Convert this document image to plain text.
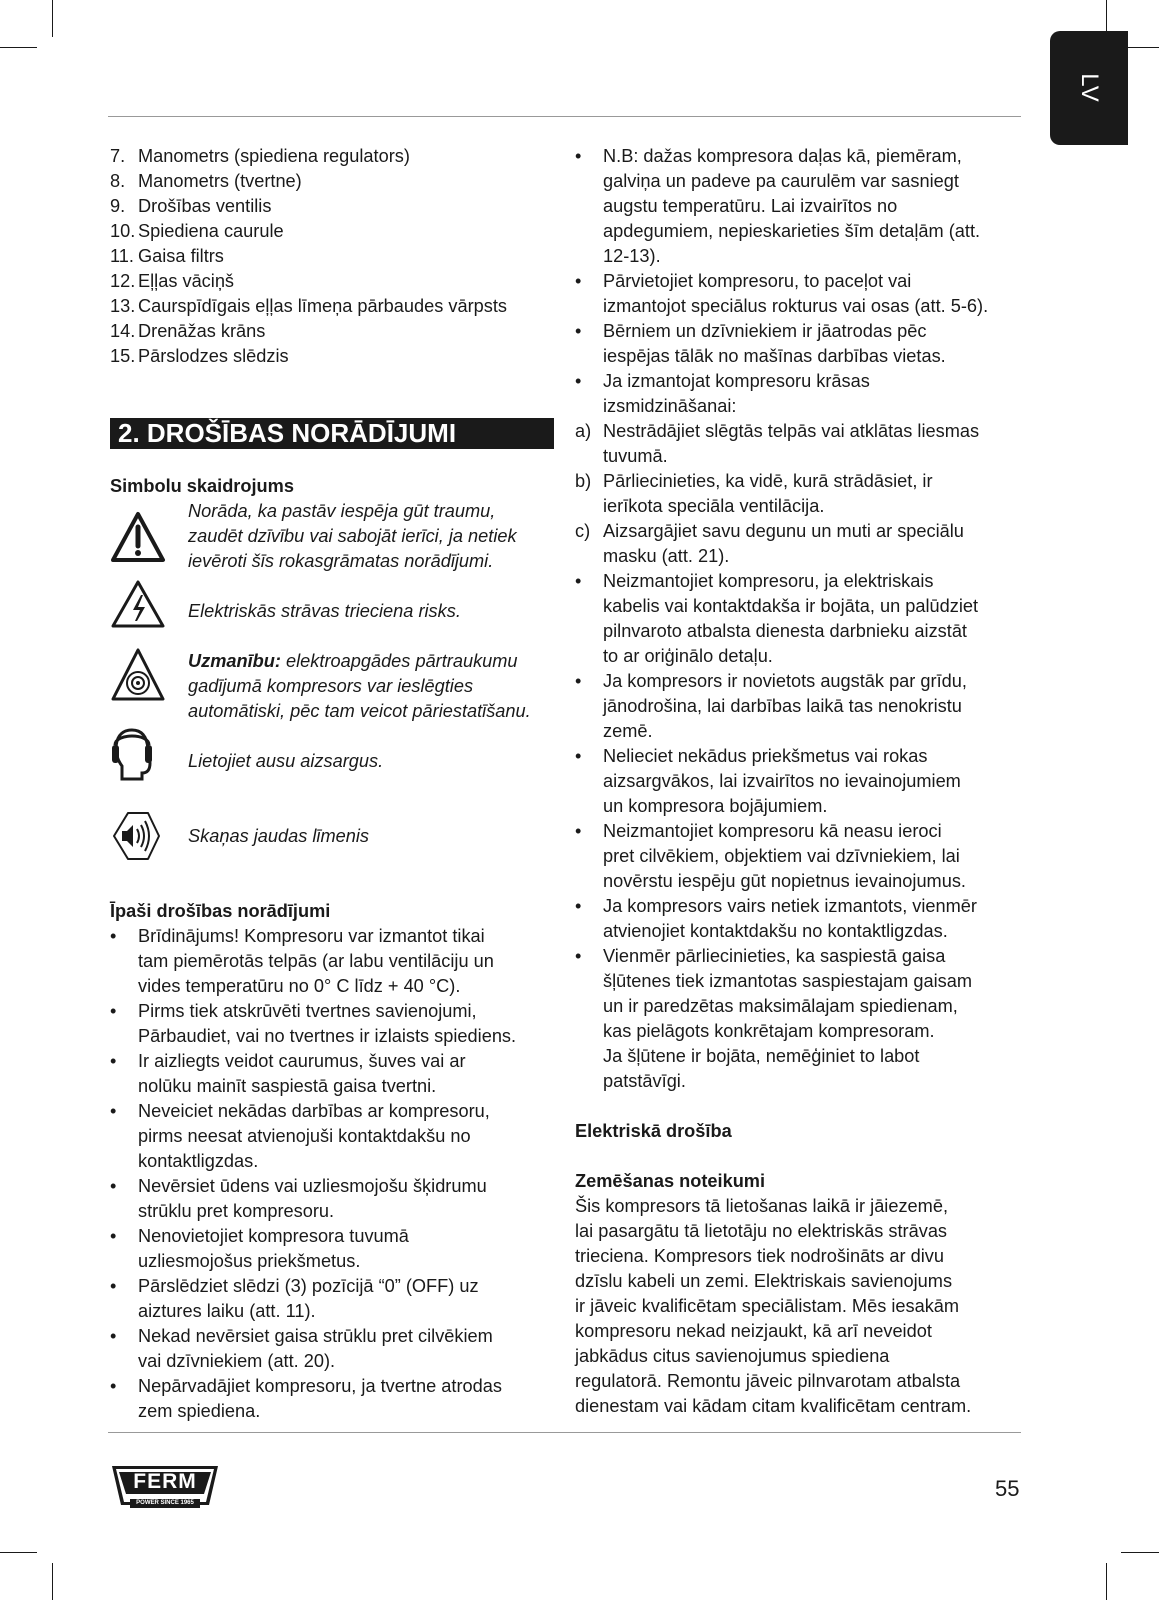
LV
7. Manometrs (spiediena regulators)
8. Manometrs (tvertne)
9. Drošības ventilis
10. Spiediena caurule
11. Gaisa filtrs
12. Eļļas vāciņš
13. Caurspīdīgais eļļas līmeņa pārbaudes vārpsts
14. Drenāžas krāns
15. Pārslodzes slēdzis
2. DROŠĪBAS NORĀDĪJUMI
Simbolu skaidrojums
Norāda, ka pastāv iespēja gūt traumu,
zaudēt dzīvību vai sabojāt ierīci, ja netiek
ievēroti šīs rokasgrāmatas norādījumi.
Elektriskās strāvas trieciena risks.
Uzmanību: elektroapgādes pārtraukumu
gadījumā kompresors var ieslēgties
automātiski, pēc tam veicot pāriestatīšanu.
Lietojiet ausu aizsargus.
Skaņas jaudas līmenis
Īpaši drošības norādījumi
• Brīdinājums! Kompresoru var izmantot tikai
tam piemērotās telpās (ar labu ventilāciju un
vides temperatūru no 0° C līdz + 40 °C).
• Pirms tiek atskrūvēti tvertnes savienojumi,
Pārbaudiet, vai no tvertnes ir izlaists spiediens.
• Ir aizliegts veidot caurumus, šuves vai ar
nolūku mainīt saspiestā gaisa tvertni.
• Neveiciet nekādas darbības ar kompresoru,
pirms neesat atvienojuši kontaktdakšu no
kontaktligzdas.
• Nevērsiet ūdens vai uzliesmojošu šķidrumu
strūklu pret kompresoru.
• Nenovietojiet kompresora tuvumā
uzliesmojošus priekšmetus.
• Pārslēdziet slēdzi (3) pozīcijā “0” (OFF) uz
aiztures laiku (att. 11).
• Nekad nevērsiet gaisa strūklu pret cilvēkiem
vai dzīvniekiem (att. 20).
• Nepārvadājiet kompresoru, ja tvertne atrodas
zem spiediena.
• N.B: dažas kompresora daļas kā, piemēram,
galviņa un padeve pa caurulēm var sasniegt
augstu temperatūru. Lai izvairītos no
apdegumiem, nepieskarieties šīm detaļām (att.
12-13).
• Pārvietojiet kompresoru, to paceļot vai
izmantojot speciālus rokturus vai osas (att. 5-6).
• Bērniem un dzīvniekiem ir jāatrodas pēc
iespējas tālāk no mašīnas darbības vietas.
• Ja izmantojat kompresoru krāsas
izsmidzināšanai:
a) Nestrādājiet slēgtās telpās vai atklātas liesmas
tuvumā.
b) Pārliecinieties, ka vidē, kurā strādāsiet, ir
ierīkota speciāla ventilācija.
c) Aizsargājiet savu degunu un muti ar speciālu
masku (att. 21).
• Neizmantojiet kompresoru, ja elektriskais
kabelis vai kontaktdakša ir bojāta, un palūdziet
pilnvaroto atbalsta dienesta darbnieku aizstāt
to ar oriģinālo detaļu.
• Ja kompresors ir novietots augstāk par grīdu,
jānodrošina, lai darbības laikā tas nenokristu
zemē.
• Nelieciet nekādus priekšmetus vai rokas
aizsargvākos, lai izvairītos no ievainojumiem
un kompresora bojājumiem.
• Neizmantojiet kompresoru kā neasu ieroci
pret cilvēkiem, objektiem vai dzīvniekiem, lai
novērstu iespēju gūt nopietnus ievainojumus.
• Ja kompresors vairs netiek izmantots, vienmēr
atvienojiet kontaktdakšu no kontaktligzdas.
• Vienmēr pārliecinieties, ka saspiestā gaisa
šļūtenes tiek izmantotas saspiestajam gaisam
un ir paredzētas maksimālajam spiedienam,
kas pielāgots konkrētajam kompresoram.
Ja šļūtene ir bojāta, nemēģiniet to labot
patstāvīgi.
Elektriskā drošība
Zemēšanas noteikumi
Šis kompresors tā lietošanas laikā ir jāiezemē,
lai pasargātu tā lietotāju no elektriskās strāvas
trieciena. Kompresors tiek nodrošināts ar divu
dzīslu kabeli un zemi. Elektriskais savienojums
ir jāveic kvalificētam speciālistam. Mēs iesakām
kompresoru nekad neizjaukt, kā arī neveidot
jabkādus citus savienojumus spiediena
regulatorā. Remontu jāveic pilnvarotam atbalsta
dienestam vai kādam citam kvalificētam centram.
FERM
POWER SINCE 1965
55
